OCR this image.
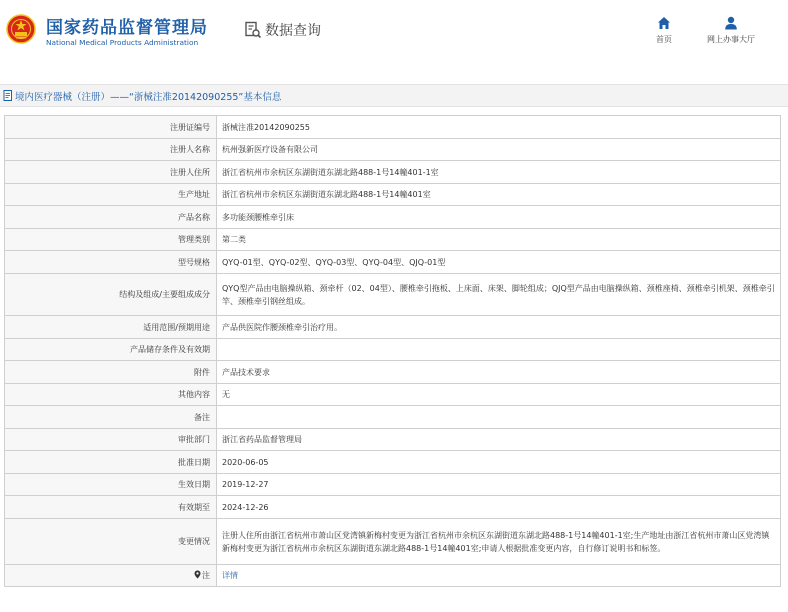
国家药品监督管理局
National Medical Products Administration
数据查询
首页	网上办事大厅
境内医疗器械（注册）——“浙械注准20142090255”基本信息
注册证编号	浙械注准20142090255
注册人名称	杭州强新医疗设备有限公司
注册人住所	浙江省杭州市余杭区东湖街道东湖北路488-1号14幢401-1室
生产地址	浙江省杭州市余杭区东湖街道东湖北路488-1号14幢401室
产品名称	多功能颈腰椎牵引床
管理类别	第二类
型号规格	QYQ-01型、QYQ-02型、QYQ-03型、QYQ-04型、QJQ-01型
结构及组成/主要组成成分	QYQ型产品由电脑操纵箱、颈牵杆（02、04型）、腰椎牵引拖板、上床面、床架、脚轮组成；QJQ型产品由电脑操纵箱、颈椎座椅、颈椎牵引机架、颈椎牵引竿、颈椎牵引钢丝组成。
适用范围/预期用途	产品供医院作腰颈椎牵引治疗用。
产品储存条件及有效期	
附件	产品技术要求
其他内容	无
备注	
审批部门	浙江省药品监督管理局
批准日期	2020-06-05
生效日期	2019-12-27
有效期至	2024-12-26
变更情况	注册人住所由浙江省杭州市萧山区党湾镇新梅村变更为浙江省杭州市余杭区东湖街道东湖北路488-1号14幢401-1室;生产地址由浙江省杭州市萧山区党湾镇新梅村变更为浙江省杭州市余杭区东湖街道东湖北路488-1号14幢401室;申请人根据批准变更内容，自行修订说明书和标签。
注	详情
